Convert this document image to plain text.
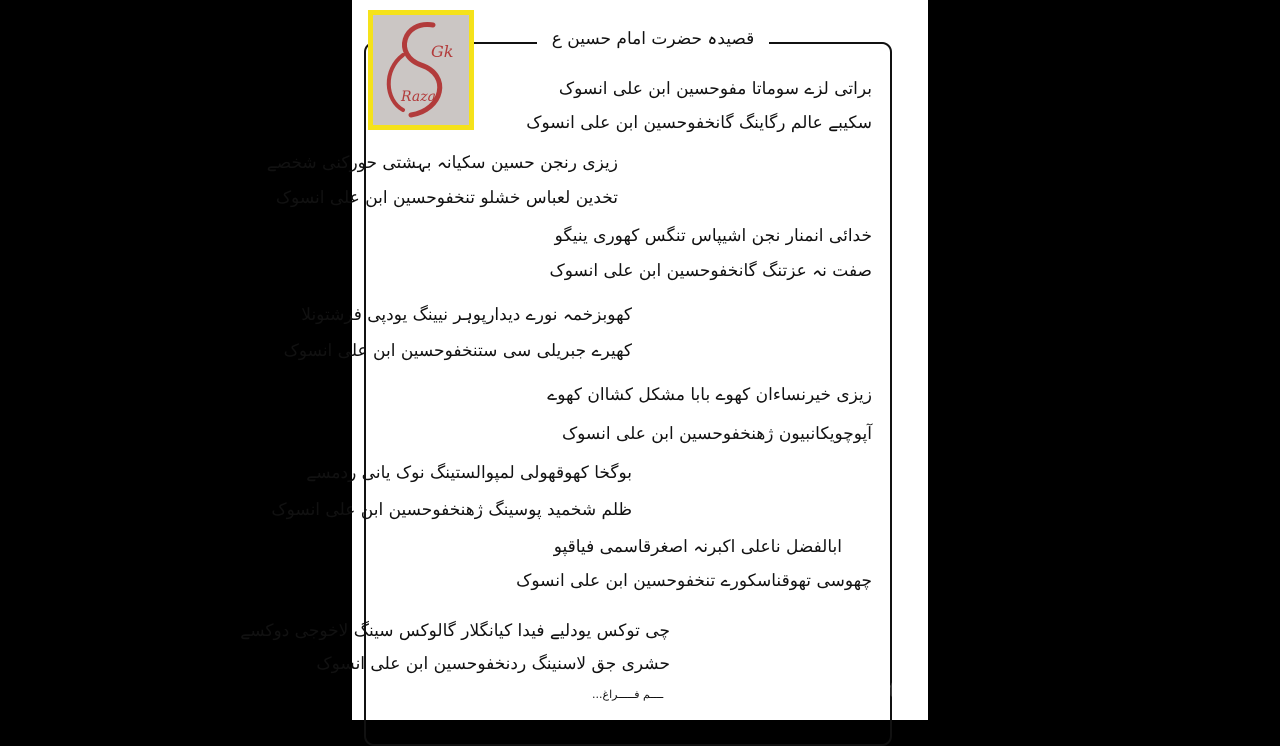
قصیدہ حضرت امام حسین ع
Gk
Raza	براتی لزے سوماتا مفوحسین ابن علی انسوک
سکیبے عالم رگاینگ گانخفوحسین ابن علی انسوک
زیزی رنجن حسین سکیانہ بہشتی حورکنی شخصے
تخدین لعباس خشلو تنخفوحسین ابن علی انسوک
خدائی انمنار نجن اشیپاس تنگس کھوری ینیگو
صفت نہ عزتنگ گانخفوحسین ابن علی انسوک
کھوبزخمہ نورے دیدارپوہر نیینگ یودپی فرشتونلا
کھیرے جبریلی سی ستنخفوحسین ابن علی انسوک
زیزی خیرنساءان کھوے بابا مشکل کشاان کھوے
آپوچویکانبیون ژھنخفوحسین ابن علی انسوک
بوگخا کھوقھولی لمپوالستینگ نوک یانی ردمسے
ظلم شخمید پوسینگ ژھنخفوحسین ابن علی انسوک
ابالفضل ناعلی اکبرنہ اصغرقاسمی فیاقپو
چھوسی تھوقناسکورے تنخفوحسین ابن علی انسوک
چی توکس یودلیے فیدا کیانگلار گالوکس سینگ لاخوجی دوکسے
حشری جق لاسنینگ ردنخفوحسین ابن علی انسوک
...ــــم فـــــراغ	InShOt
